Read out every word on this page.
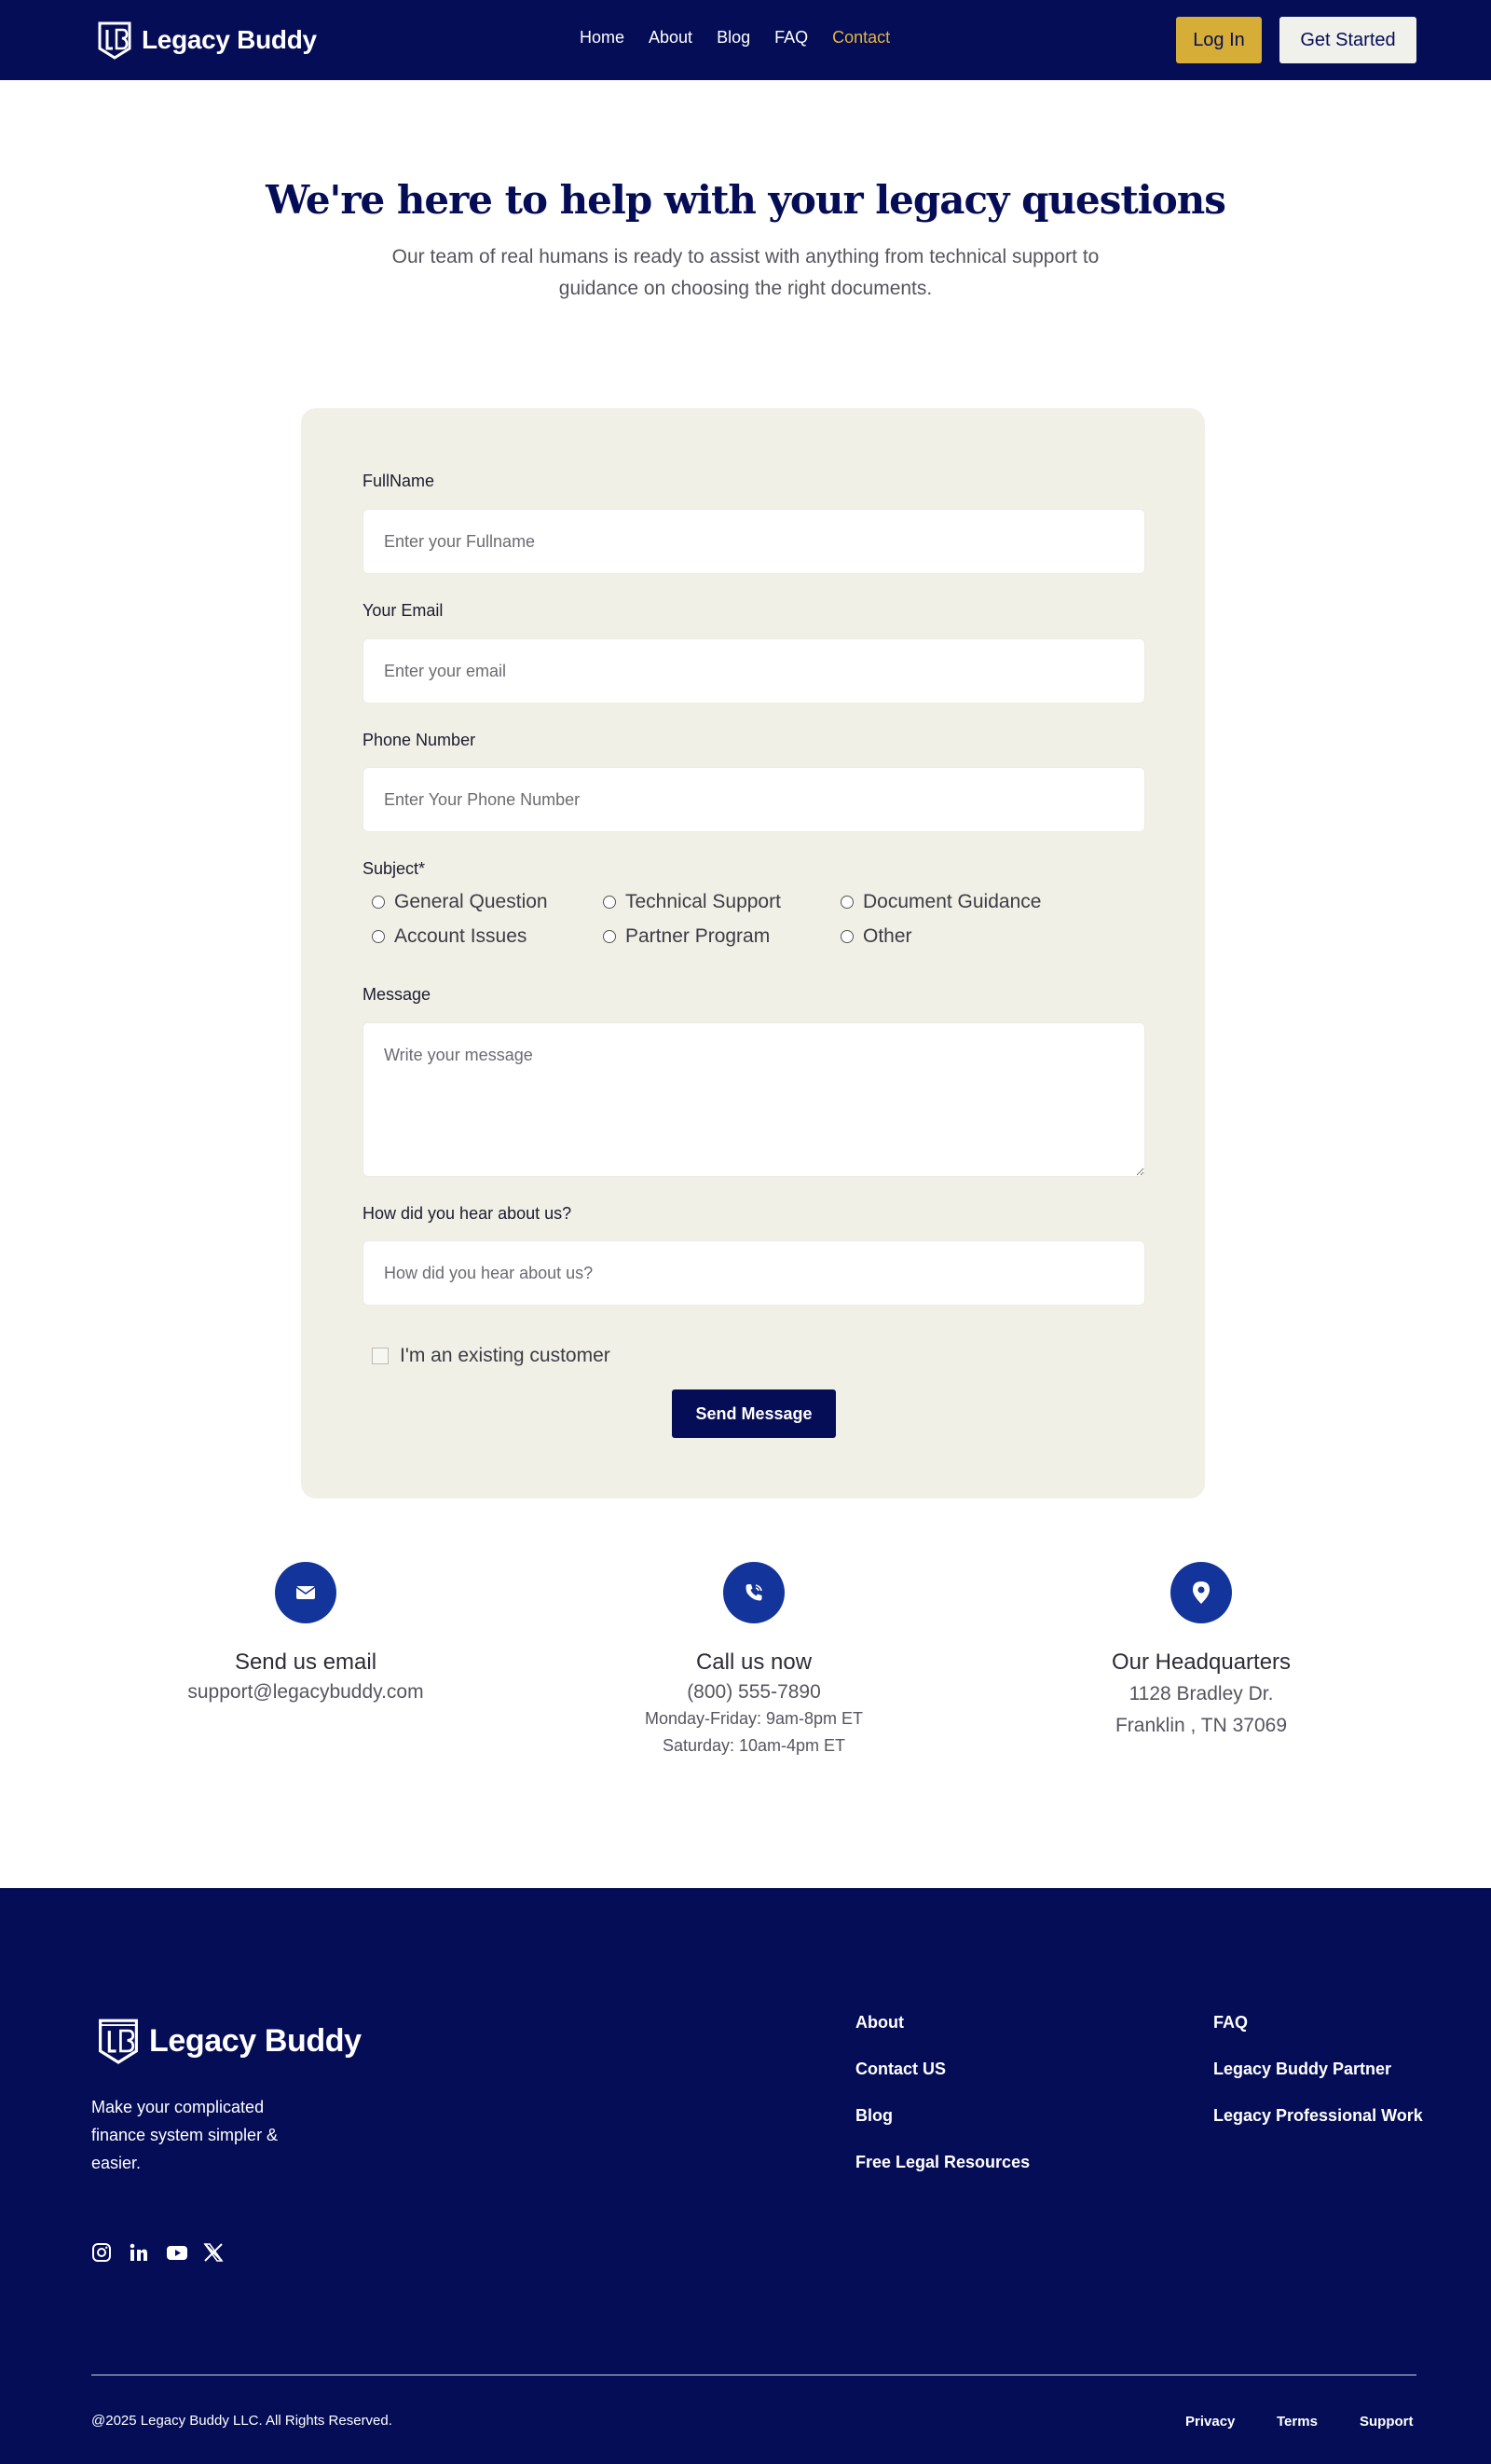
Legacy Buddy	Home About Blog FAQ Contact	Log In	Get Started
We're here to help with your legacy questions

Our team of real humans is ready to assist with anything from technical support to guidance on choosing the right documents.

FullName
Enter your Fullname
Your Email
Enter your email
Phone Number
Enter Your Phone Number
Subject*
General Question	Technical Support	Document Guidance
Account Issues	Partner Program	Other
Message
Write your message
How did you hear about us?
How did you hear about us?
I'm an existing customer
Send Message
Send us email
support@legacybuddy.com
Call us now
(800) 555-7890
Monday-Friday: 9am-8pm ET
Saturday: 10am-4pm ET
Our Headquarters
1128 Bradley Dr.
Franklin , TN 37069
Legacy Buddy

Make your complicated finance system simpler & easier.

About
Contact US
Blog
Free Legal Resources
FAQ
Legacy Buddy Partner
Legacy Professional Work
@2025 Legacy Buddy LLC. All Rights Reserved.	Privacy	Terms	Support
